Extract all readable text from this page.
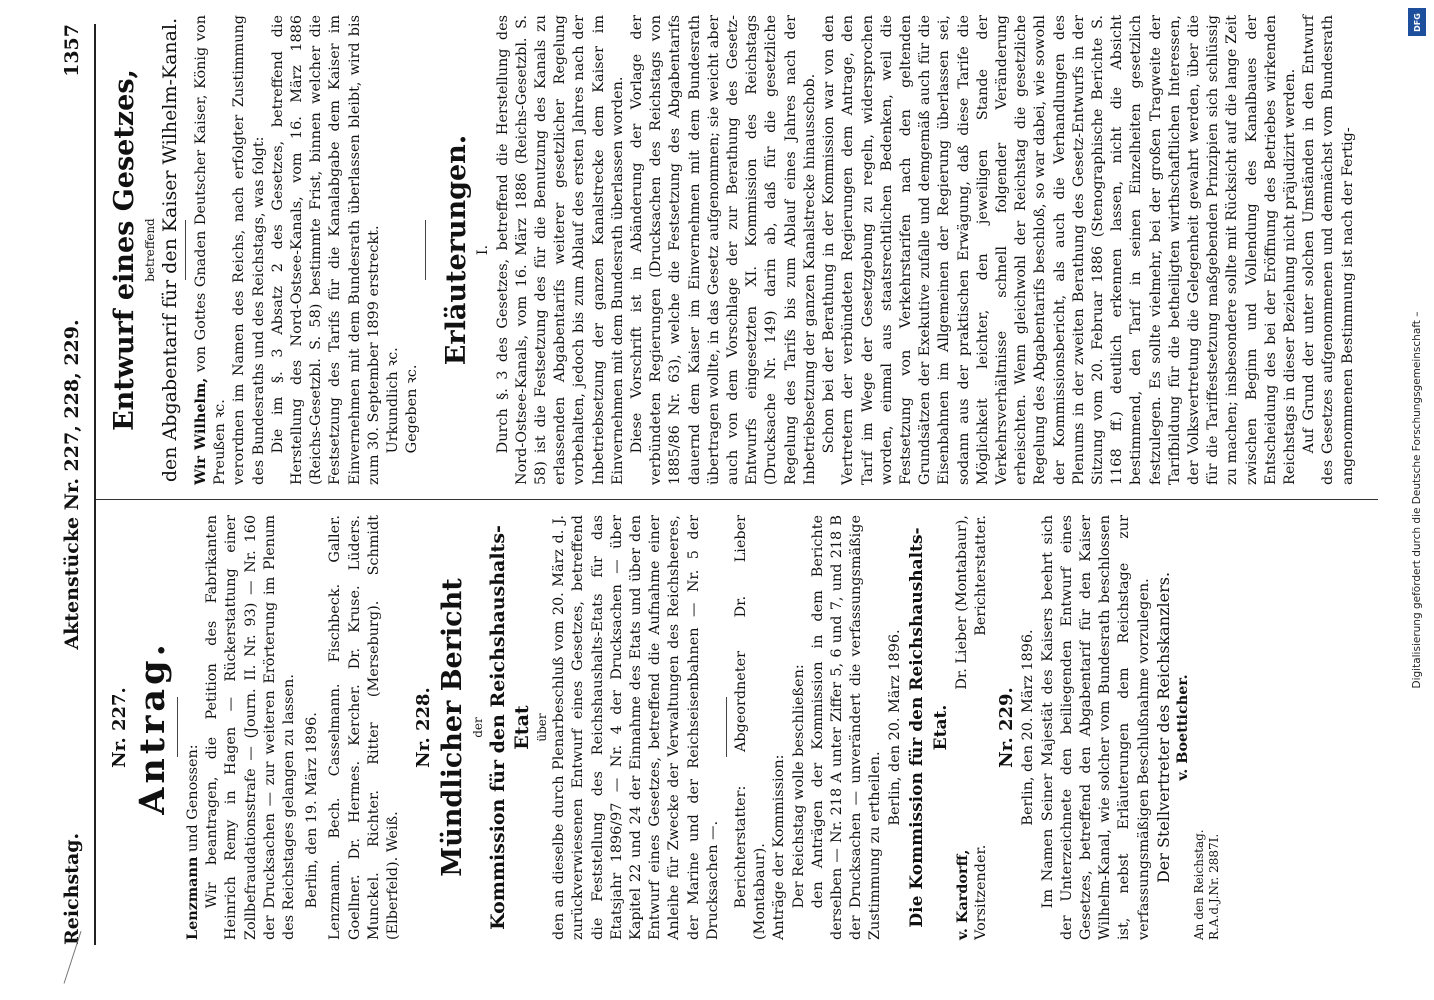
Reichstag.
Aktenstücke Nr. 227, 228, 229.
1357

Nr. 227. Antrag.

Lenzmann und Genossen: Wir beantragen, die Petition des Fabrikanten Heinrich Remy in Hagen — Rückerstattung einer Zollbefraudationsstrafe — (Journ. II. Nr. 93) — Nr. 160 der Drucksachen — zur weiteren Erörterung im Plenum des Reichstages gelangen zu lassen. Berlin, den 19. März 1896. Lenzmann. Bech. Casselmann. Fischbeck. Galler. Goellner. Dr. Hermes. Kercher. Dr. Kruse. Lüders. Munckel. Richter. Ritter (Merseburg). Schmidt (Elberfeld). Weiß.

Nr. 228. Mündlicher Bericht der Kommission für den Reichshaushalts-Etat über den an dieselbe durch Plenarbeschluß vom 20. März d. J. zurückverwiesenen Entwurf eines Gesetzes, betreffend die Feststellung des Reichshaushalts-Etats für das Etatsjahr 1896/97 — Nr. 4 der Drucksachen — über Kapitel 22 und 24 der Einnahme des Etats und über den Entwurf eines Gesetzes, betreffend die Aufnahme einer Anleihe für Zwecke der Verwaltungen des Reichsheeres, der Marine und der Reichseisenbahnen — Nr. 5 der Drucksachen —. Berichterstatter: Abgeordneter Dr. Lieber (Montabaur). Anträge der Kommission: Der Reichstag wolle beschließen: den Anträgen der Kommission in dem Berichte derselben — Nr. 218 A unter Ziffer 5, 6 und 7, und 218 B der Drucksachen — unverändert die verfassungsmäßige Zustimmung zu ertheilen.

Berlin, den 20. März 1896. Die Kommission für den Reichshaushalts-Etat.

v. Kardorff, Vorsitzender.
Dr. Lieber (Montabaur), Berichterstatter.

Nr. 229. Berlin, den 20. März 1896. Im Namen Seiner Majestät des Kaisers beehrt sich der Unterzeichnete den beiliegenden Entwurf eines Gesetzes, betreffend den Abgabentarif für den Kaiser Wilhelm-Kanal, wie solcher vom Bundesrath beschlossen ist, nebst Erläuterungen dem Reichstage zur verfassungsmäßigen Beschlußnahme vorzulegen. Der Stellvertreter des Reichskanzlers. v. Boetticher.

An den Reichstag. R.A.d.J.Nr. 2887I.

Entwurf eines Gesetzes, betreffend den Abgabentarif für den Kaiser Wilhelm-Kanal. Wir Wilhelm, von Gottes Gnaden Deutscher Kaiser, König von Preußen ꝛc. verordnen im Namen des Reichs, nach erfolgter Zustimmung des Bundesraths und des Reichstags, was folgt: Die im §. 3 Absatz 2 des Gesetzes, betreffend die Herstellung des Nord-Ostsee-Kanals, vom 16. März 1886 (Reichs-Gesetzbl. S. 58) bestimmte Frist, binnen welcher die Festsetzung des Tarifs für die Kanalabgabe dem Kaiser im Einvernehmen mit dem Bundesrath überlassen bleibt, wird bis zum 30. September 1899 erstreckt. Urkundlich ꝛc. Gegeben ꝛc.

Erläuterungen. I. Durch §. 3 des Gesetzes, betreffend die Herstellung des Nord-Ostsee-Kanals, vom 16. März 1886 (Reichs-Gesetzbl. S. 58) ist die Festsetzung des für die Benutzung des Kanals zu erlassenden Abgabentarifs weiterer gesetzlicher Regelung vorbehalten, jedoch bis zum Ablauf des ersten Jahres nach der Inbetriebsetzung der ganzen Kanalstrecke dem Kaiser im Einvernehmen mit dem Bundesrath überlassen worden. Diese Vorschrift ist in Abänderung der Vorlage der verbündeten Regierungen (Drucksachen des Reichstags von 1885/86 Nr. 63), welche die Festsetzung des Abgabentarifs dauernd dem Kaiser im Einvernehmen mit dem Bundesrath übertragen wollte, in das Gesetz aufgenommen; sie weicht aber auch von dem Vorschlage der zur Berathung des Gesetz-Entwurfs eingesetzten XI. Kommission des Reichstags (Drucksache Nr. 149) darin ab, daß für die gesetzliche Regelung des Tarifs bis zum Ablauf eines Jahres nach der Inbetriebsetzung der ganzen Kanalstrecke hinausschob. Schon bei der Berathung in der Kommission war von den Vertretern der verbündeten Regierungen dem Antrage, den Tarif im Wege der Gesetzgebung zu regeln, widersprochen worden, einmal aus staatsrechtlichen Bedenken, weil die Festsetzung von Verkehrstarifen nach den geltenden Grundsätzen der Exekutive zufalle und demgemäß auch für die Eisenbahnen im Allgemeinen der Regierung überlassen sei, sodann aus der praktischen Erwägung, daß diese Tarife die Möglichkeit leichter, den jeweiligen Stande der Verkehrsverhältnisse schnell folgender Veränderung erheischten. Wenn gleichwohl der Reichstag die gesetzliche Regelung des Abgabentarifs beschloß, so war dabei, wie sowohl der Kommissionsbericht, als auch die Verhandlungen des Plenums in der zweiten Berathung des Gesetz-Entwurfs in der Sitzung vom 20. Februar 1886 (Stenographische Berichte S. 1168 ff.) deutlich erkennen lassen, nicht die Absicht bestimmend, den Tarif in seinen Einzelheiten gesetzlich festzulegen. Es sollte vielmehr, bei der großen Tragweite der Tarifbildung für die betheiligten wirthschaftlichen Interessen, der Volksvertretung die Gelegenheit gewahrt werden, über die für die Tariffestsetzung maßgebenden Prinzipien sich schlüssig zu machen; insbesondere sollte mit Rücksicht auf die lange Zeit zwischen Beginn und Vollendung des Kanalbaues der Entscheidung des bei der Eröffnung des Betriebes wirkenden Reichstags in dieser Beziehung nicht präjudizirt werden. Auf Grund der unter solchen Umständen in den Entwurf des Gesetzes aufgenommenen und demnächst vom Bundesrath angenommenen Bestimmung ist nach der Fertig-

DFG
Digitalisierung gefördert durch die Deutsche Forschungsgemeinschaft –
